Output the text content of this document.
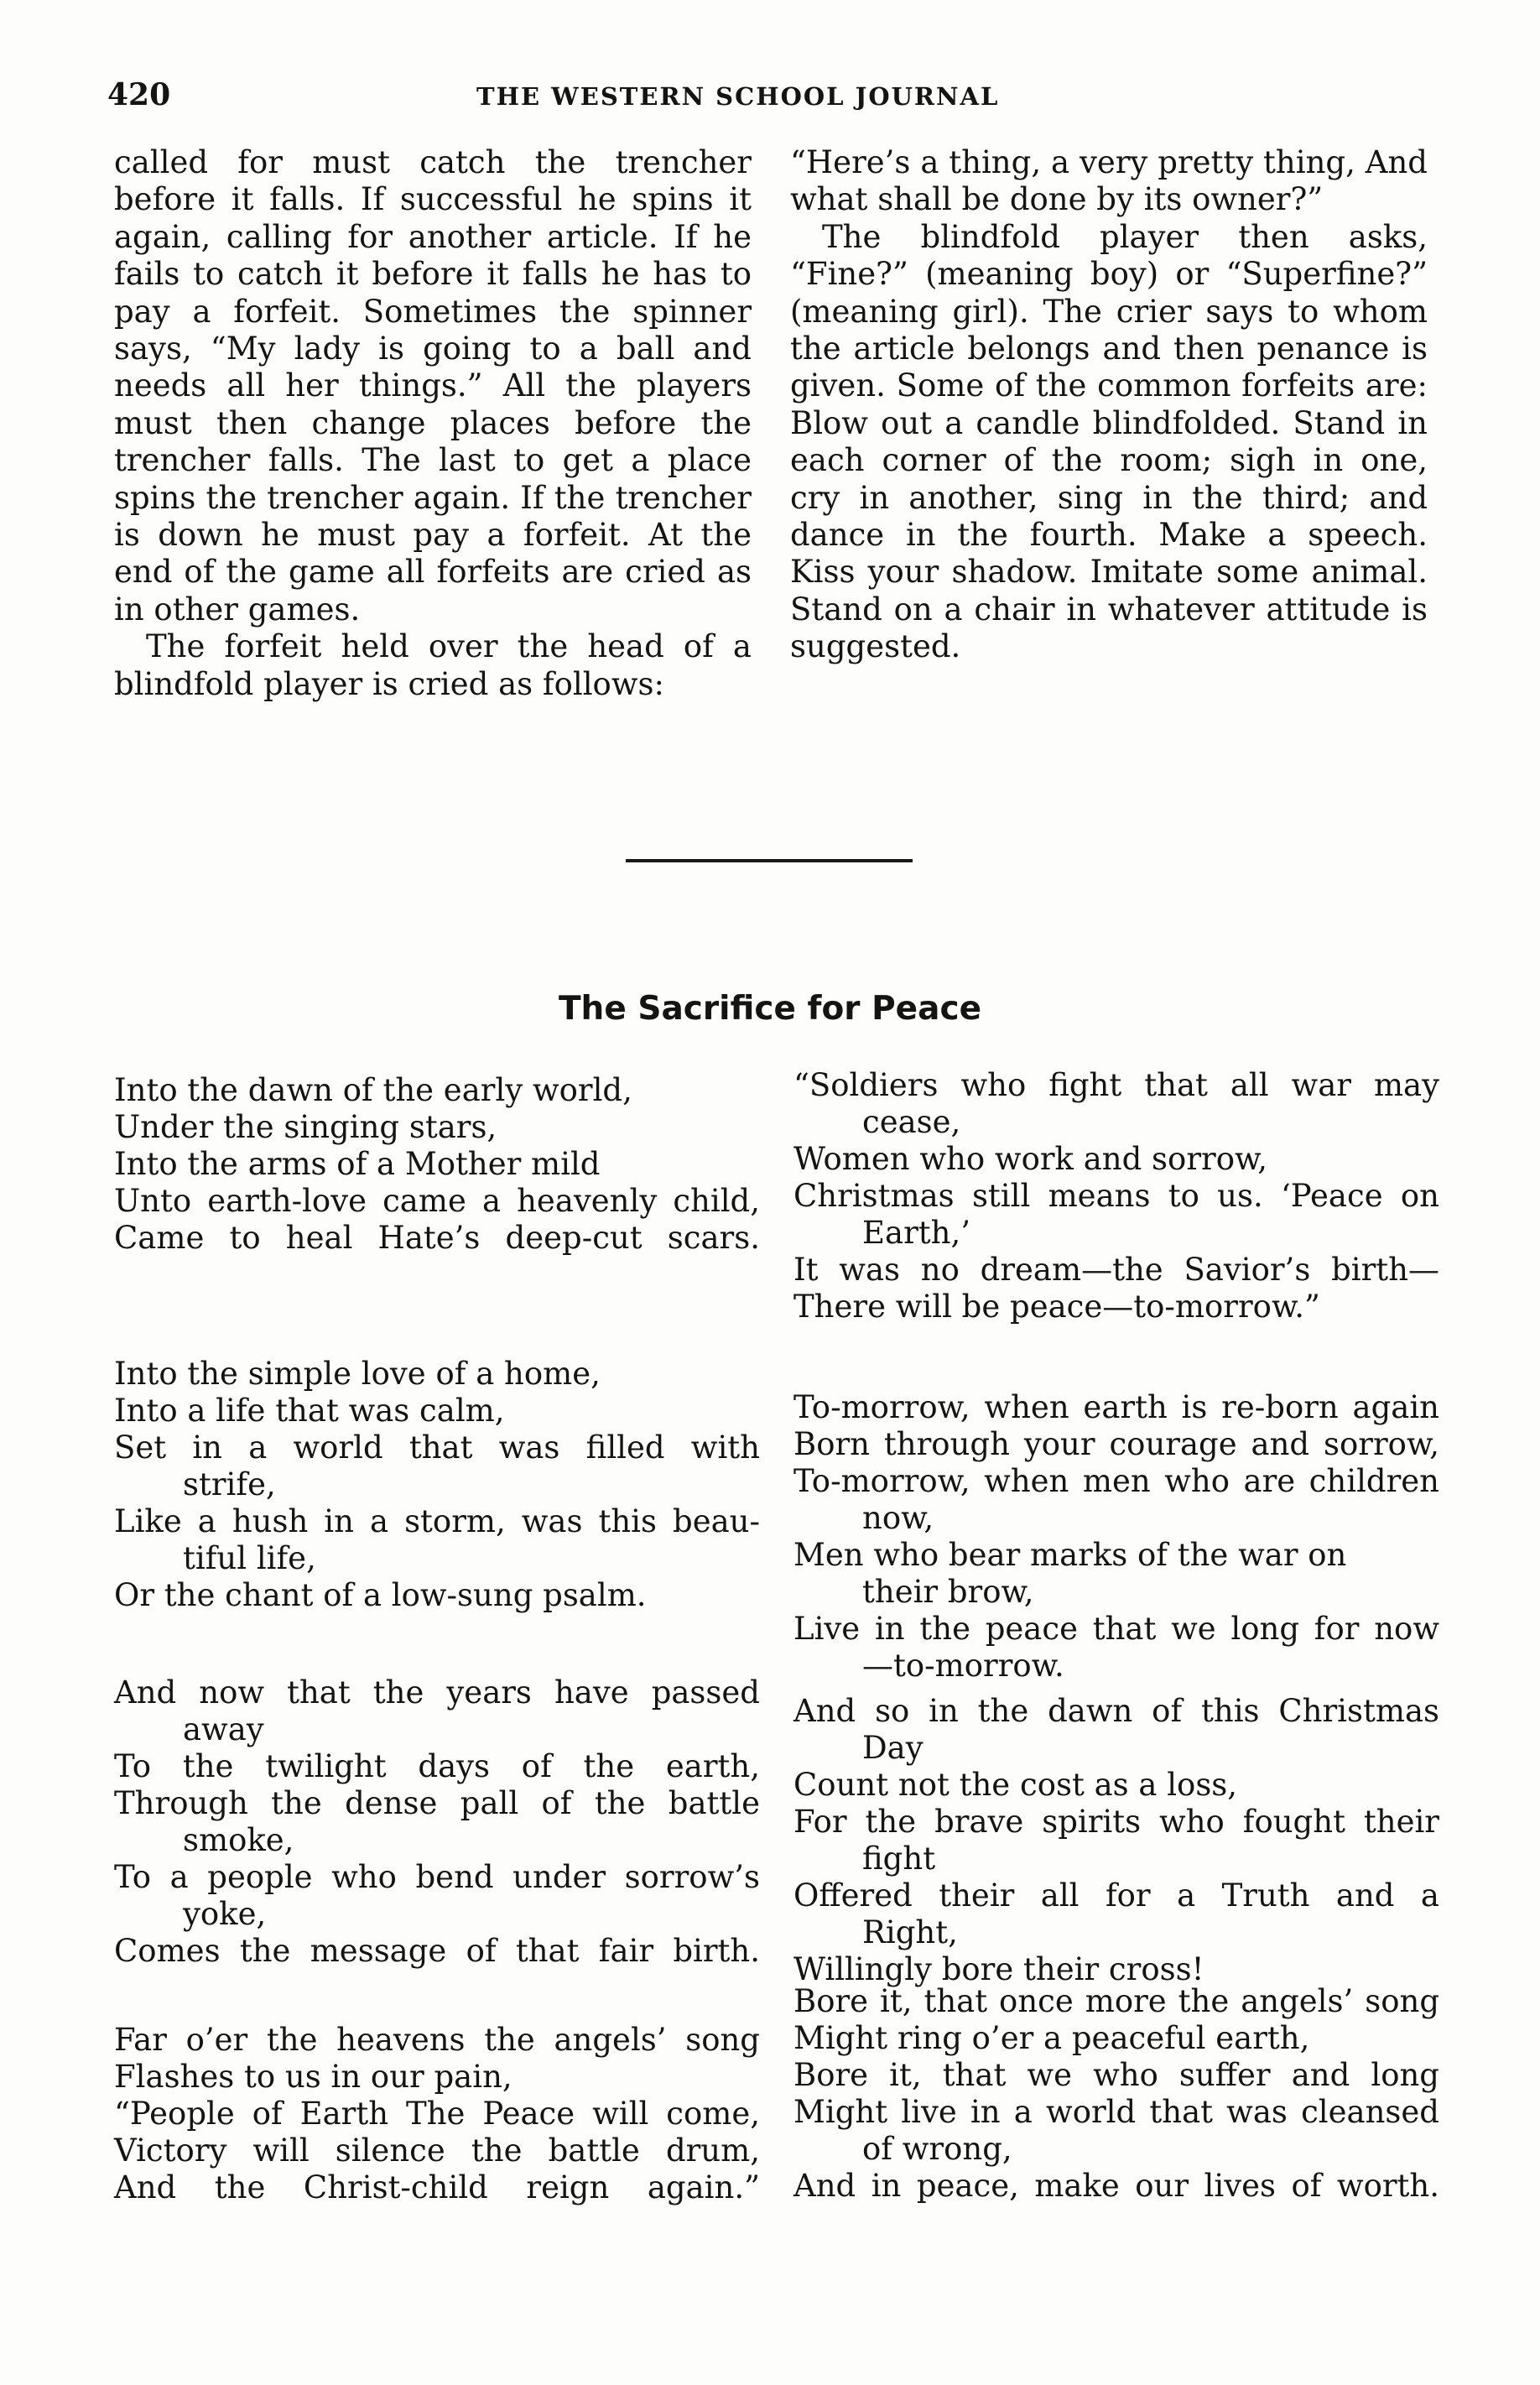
420	THE WESTERN SCHOOL JOURNAL

called for must catch the trencher before it falls. If successful he spins it again, calling for another article. If he fails to catch it before it falls he has to pay a forfeit. Sometimes the spinner says, “My lady is going to a ball and needs all her things.” All the players must then change places before the trencher falls. The last to get a place spins the trencher again. If the trencher is down he must pay a forfeit. At the end of the game all forfeits are cried as in other games.

The forfeit held over the head of a blindfold player is cried as follows:

“Here’s a thing, a very pretty thing, And what shall be done by its owner?”

The blindfold player then asks, “Fine?” (meaning boy) or “Superfine?” (meaning girl). The crier says to whom the article belongs and then penance is given. Some of the common forfeits are: Blow out a candle blindfolded. Stand in each corner of the room; sigh in one, cry in another, sing in the third; and dance in the fourth. Make a speech. Kiss your shadow. Imitate some animal. Stand on a chair in whatever attitude is suggested.

The Sacrifice for Peace
Into the dawn of the early world,
Under the singing stars,
Into the arms of a Mother mild
Unto earth-love came a heavenly child,
Came to heal Hate’s deep-cut scars.
Into the simple love of a home,
Into a life that was calm,
Set in a world that was filled with
strife,
Like a hush in a storm, was this beau-
tiful life,
Or the chant of a low-sung psalm.
And now that the years have passed
away
To the twilight days of the earth,
Through the dense pall of the battle
smoke,
To a people who bend under sorrow’s
yoke,
Comes the message of that fair birth.
Far o’er the heavens the angels’ song
Flashes to us in our pain,
“People of Earth The Peace will come,
Victory will silence the battle drum,
And the Christ-child reign again.”
“Soldiers who fight that all war may
cease,
Women who work and sorrow,
Christmas still means to us. ‘Peace on
Earth,’
It was no dream—the Savior’s birth—
There will be peace—to-morrow.”
To-morrow, when earth is re-born again
Born through your courage and sorrow,
To-morrow, when men who are children
now,
Men who bear marks of the war on
their brow,
Live in the peace that we long for now
—to-morrow.
And so in the dawn of this Christmas
Day
Count not the cost as a loss,
For the brave spirits who fought their
fight
Offered their all for a Truth and a
Right,
Willingly bore their cross!
Bore it, that once more the angels’ song
Might ring o’er a peaceful earth,
Bore it, that we who suffer and long
Might live in a world that was cleansed
of wrong,
And in peace, make our lives of worth.
